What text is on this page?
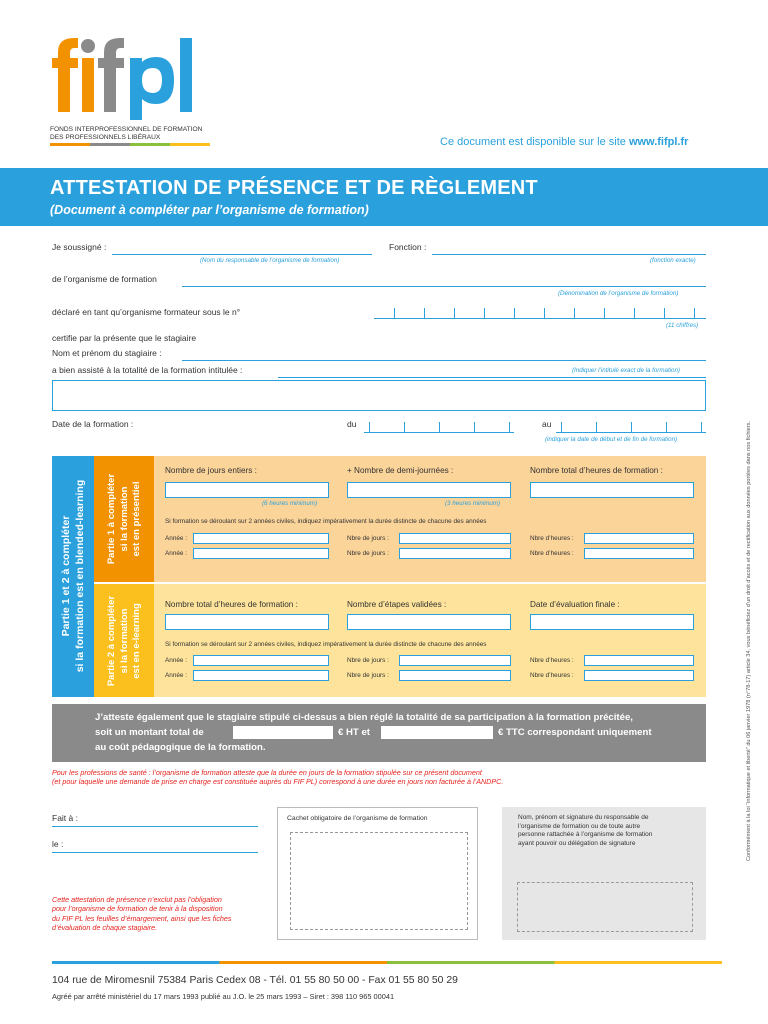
FONDS INTERPROFESSIONNEL DE FORMATION
DES PROFESSIONNELS LIBÉRAUX	Ce document est disponible sur le site www.fifpl.fr
ATTESTATION DE PRÉSENCE ET DE RÈGLEMENT
(Document à compléter par l’organisme de formation)
Je soussigné :
(Nom du responsable de l’organisme de formation)
Fonction :
(fonction exacte)
de l’organisme de formation
(Dénomination de l’organisme de formation)
déclaré en tant qu’organisme formateur sous le n°
(11 chiffres)
certifie par la présente que le stagiaire
Nom et prénom du stagiaire :
a bien assisté à la totalité de la formation intitulée :	(Indiquer l’intitulé exact de la formation)
Date de la formation :	du	au
(indiquer la date de début et de fin de formation)
Partie 1 et 2 à compléter si la formation est en blended-learning Partie 1 à compléter si la formation est en présentiel
Partie 2 à compléter si la formation est en e-learning
Nombre de jours entiers :	+ Nombre de demi-journées :	Nombre total d’heures de formation :
(6 heures minimum)	(3 heures minimum)
Si formation se déroulant sur 2 années civiles, indiquez impérativement la durée distincte de chacune des années
Année :	Nbre de jours :	Nbre d’heures :
Année :	Nbre de jours :	Nbre d’heures :
Nombre total d’heures de formation :	Nombre d’étapes validées :	Date d’évaluation finale :
Si formation se déroulant sur 2 années civiles, indiquez impérativement la durée distincte de chacune des années
Année :	Nbre de jours :	Nbre d’heures :
Année :	Nbre de jours :	Nbre d’heures :
J’atteste également que le stagiaire stipulé ci-dessus a bien réglé la totalité de sa participation à la formation précitée,
soit un montant total de	€ HT et	€ TTC correspondant uniquement
au coût pédagogique de la formation.
Pour les professions de santé : l’organisme de formation atteste que la durée en jours de la formation stipulée sur ce présent document
(et pour laquelle une demande de prise en charge est constituée auprès du FIF PL) correspond à une durée en jours non facturée à l’ANDPC.
Fait à :
le :
Cette attestation de présence n’exclut pas l’obligation
pour l’organisme de formation de tenir à la disposition
du FIF PL les feuilles d’émargement, ainsi que les fiches
d’évaluation de chaque stagiaire.
Cachet obligatoire de l’organisme de formation	Nom, prénom et signature du responsable de
l’organisme de formation ou de toute autre
personne rattachée à l’organisme de formation
ayant pouvoir ou délégation de signature	Conformément à la loi “informatique et liberté” du 06 janvier 1978 (n°78-17) article 34, vous bénéficiez d’un droit d’accès et de rectification aux données portées dans nos fichiers.
104 rue de Miromesnil 75384 Paris Cedex 08 - Tél. 01 55 80 50 00 - Fax 01 55 80 50 29
Agréé par arrêté ministériel du 17 mars 1993 publié au J.O. le 25 mars 1993 – Siret : 398 110 965 00041
